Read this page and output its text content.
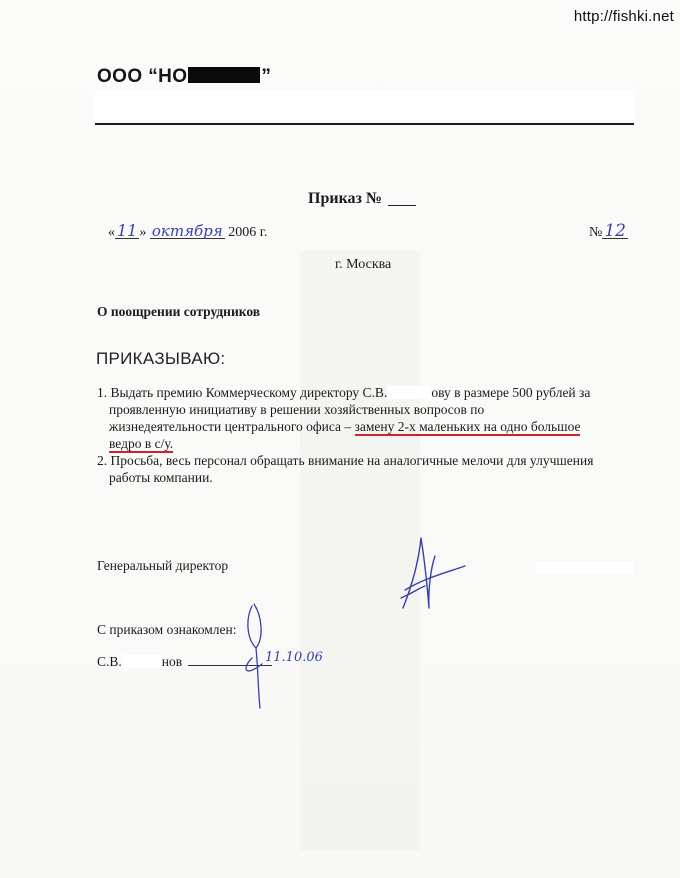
http://fishki.net
ООО “НО	”
Приказ №
« 11 » октября 2006 г.	№ 12
г. Москва
О поощрении сотрудников
ПРИКАЗЫВАЮ:

1. Выдать премию Коммерческому директору С.В.	ову в размере 500 рублей за
проявленную инициативу в решении хозяйственных вопросов по
жизнедеятельности центрального офиса – замену 2-х маленьких на одно большое
ведро в с/у.

2. Просьба, весь персонал обращать внимание на аналогичные мелочи для улучшения
работы компании.

Генеральный директор
С приказом ознакомлен:
С.В.	нов	11.10.06
